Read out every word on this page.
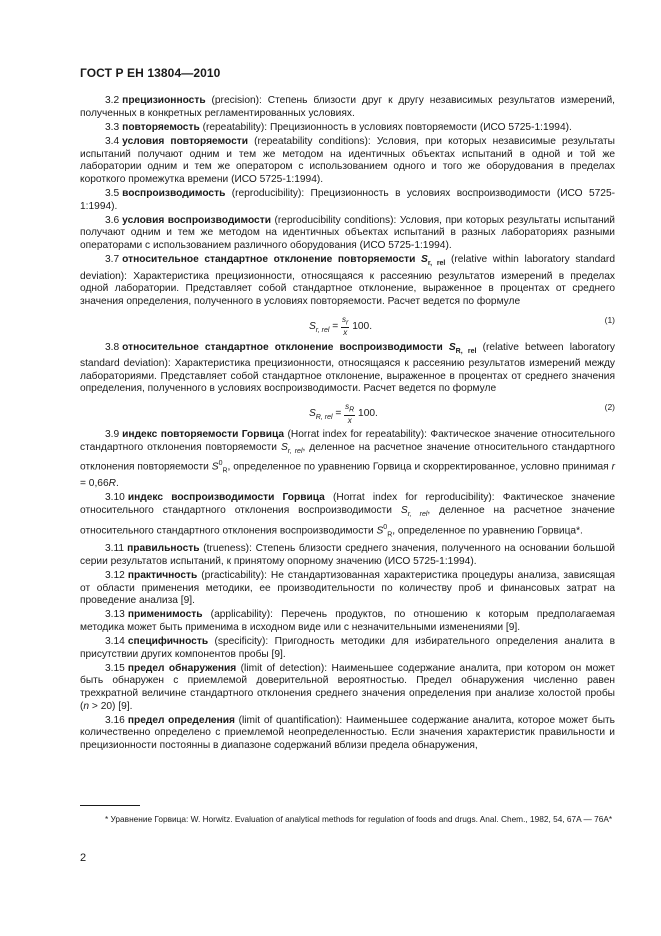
ГОСТ Р ЕН 13804—2010

3.2 прецизионность (precision): Степень близости друг к другу независимых результатов измерений, полученных в конкретных регламентированных условиях.

3.3 повторяемость (repeatability): Прецизионность в условиях повторяемости (ИСО 5725-1:1994).

3.4 условия повторяемости (repeatability conditions): Условия, при которых независимые результаты испытаний получают одним и тем же методом на идентичных объектах испытаний в одной и той же лаборатории одним и тем же оператором с использованием одного и того же оборудования в пределах короткого промежутка времени (ИСО 5725-1:1994).

3.5 воспроизводимость (reproducibility): Прецизионность в условиях воспроизводимости (ИСО 5725-1:1994).

3.6 условия воспроизводимости (reproducibility conditions): Условия, при которых результаты испытаний получают одним и тем же методом на идентичных объектах испытаний в разных лабораториях разными операторами с использованием различного оборудования (ИСО 5725-1:1994).

3.7 относительное стандартное отклонение повторяемости $S_{r, rel}$ (relative within laboratory standard deviation): Характеристика прецизионности, относящаяся к рассеянию результатов измерений в пределах одной лаборатории. Представляет собой стандартное отклонение, выраженное в процентах от среднего значения определения, полученного в условиях повторяемости. Расчет ведется по формуле

$S_{r, rel} = \frac{s_r}{x} 100$.
(1)

3.8 относительное стандартное отклонение воспроизводимости $S_{R, rel}$ (relative between laboratory standard deviation): Характеристика прецизионности, относящаяся к рассеянию результатов измерений между лабораториями. Представляет собой стандартное отклонение, выраженное в процентах от среднего значения определения, полученного в условиях воспроизводимости. Расчет ведется по формуле

$S_{R, rel} = \frac{s_R}{x} 100$.
(2)

3.9 индекс повторяемости Горвица (Horrat index for repeatability): Фактическое значение относительного стандартного отклонения повторяемости $S_{r, rel}$, деленное на расчетное значение относительного стандартного отклонения повторяемости $S^0_R$, определенное по уравнению Горвица и скорректированное, условно принимая r = 0,66R.

3.10 индекс воспроизводимости Горвица (Horrat index for reproducibility): Фактическое значение относительного стандартного отклонения воспроизводимости $S_{r, rel}$, деленное на расчетное значение относительного стандартного отклонения воспроизводимости $S^0_R$, определенное по уравнению Горвица*.

3.11 правильность (trueness): Степень близости среднего значения, полученного на основании большой серии результатов испытаний, к принятому опорному значению (ИСО 5725-1:1994).

3.12 практичность (practicability): Не стандартизованная характеристика процедуры анализа, зависящая от области применения методики, ее производительности по количеству проб и финансовых затрат на проведение анализа [9].

3.13 применимость (applicability): Перечень продуктов, по отношению к которым предполагаемая методика может быть применима в исходном виде или с незначительными изменениями [9].

3.14 специфичность (specificity): Пригодность методики для избирательного определения аналита в присутствии других компонентов пробы [9].

3.15 предел обнаружения (limit of detection): Наименьшее содержание аналита, при котором он может быть обнаружен с приемлемой доверительной вероятностью. Предел обнаружения численно равен трехкратной величине стандартного отклонения среднего значения определения при анализе холостой пробы (n > 20) [9].

3.16 предел определения (limit of quantification): Наименьшее содержание аналита, которое может быть количественно определено с приемлемой неопределенностью. Если значения характеристик правильности и прецизионности постоянны в диапазоне содержаний вблизи предела обнаружения,

* Уравнение Горвица: W. Horwitz. Evaluation of analytical methods for regulation of foods and drugs. Anal. Chem., 1982, 54, 67A — 76A*
2
